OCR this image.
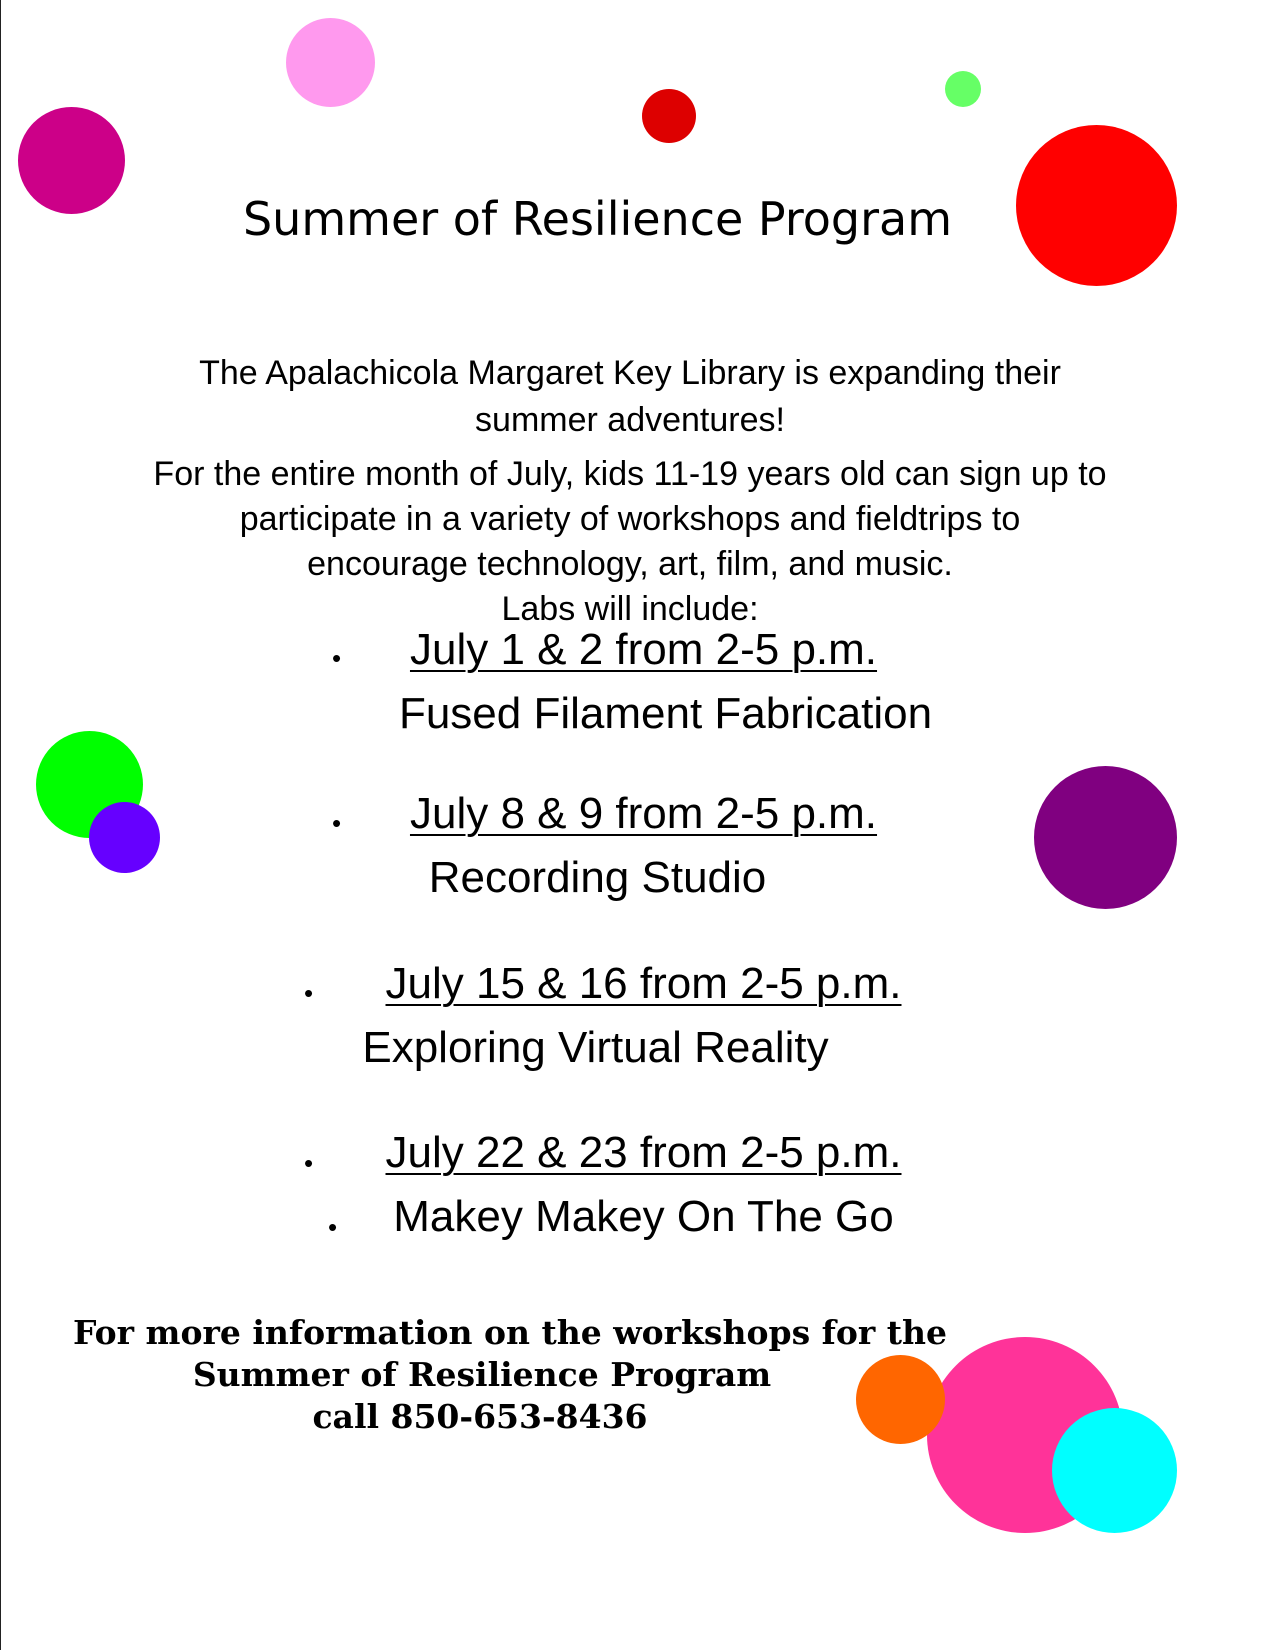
Summer of Resilience Program

The Apalachicola Margaret Key Library is expanding their

summer adventures!

For the entire month of July, kids 11-19 years old can sign up to

participate in a variety of workshops and fieldtrips to

encourage technology, art, film, and music.

Labs will include:

•	July 1 & 2 from 2-5 p.m.
Fused Filament Fabrication
•	July 8 & 9 from 2-5 p.m.
Recording Studio
•	July 15 & 16 from 2-5 p.m.
Exploring Virtual Reality
•	July 22 & 23 from 2-5 p.m.
•	Makey Makey On The Go
For more information on the workshops for the
Summer of Resilience Program
call 850-653-8436
